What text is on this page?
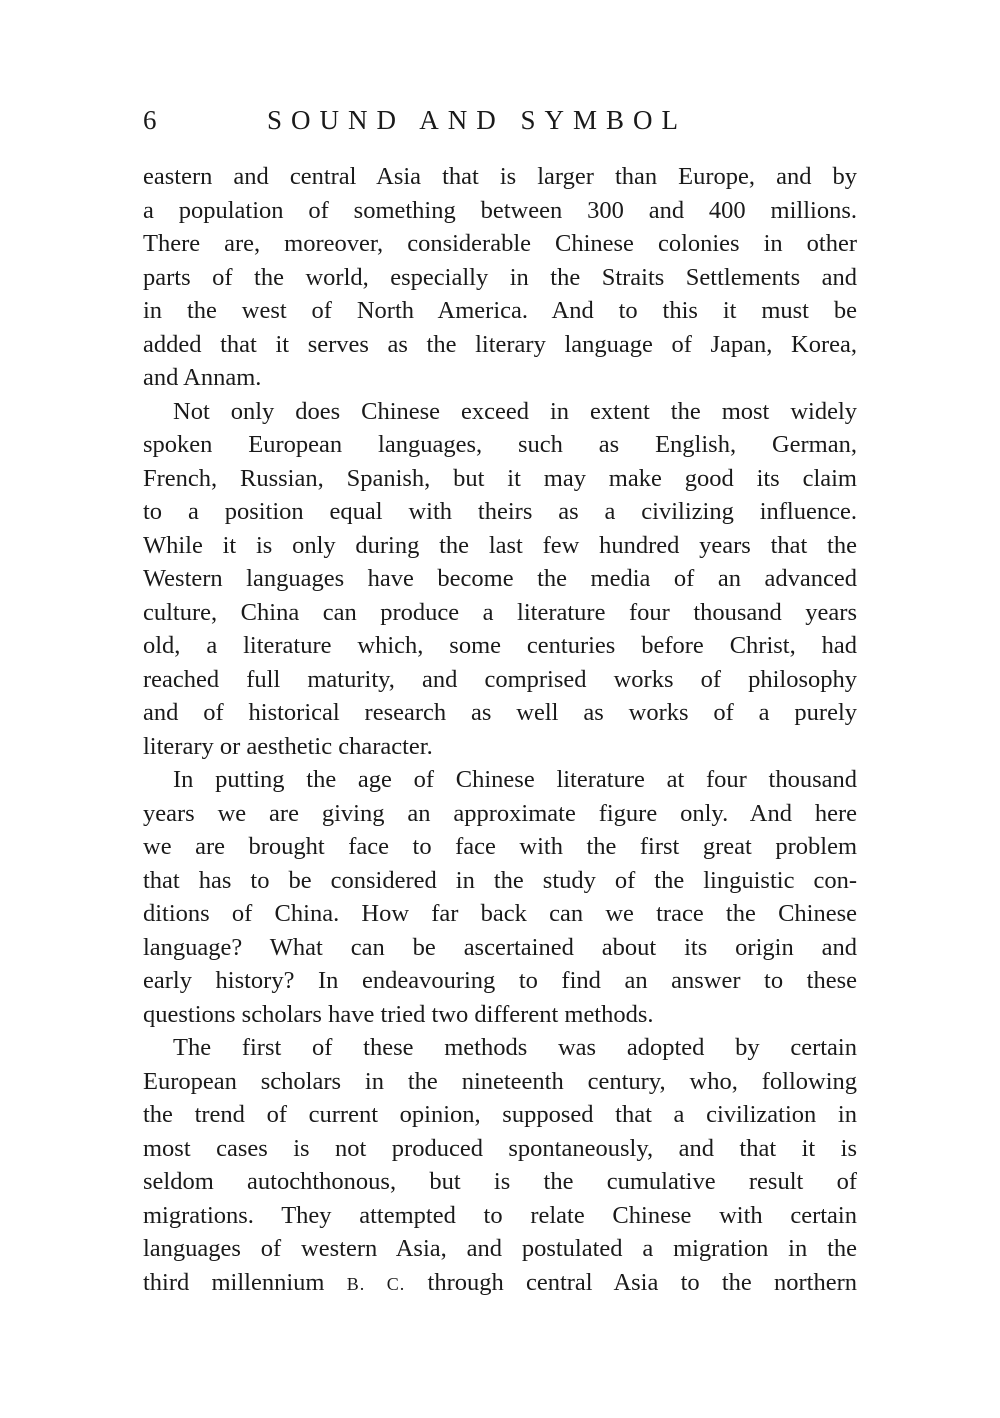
6	SOUND AND SYMBOL
eastern and central Asia that is larger than Europe, and by
a population of something between 300 and 400 millions.
There are, moreover, considerable Chinese colonies in other
parts of the world, especially in the Straits Settlements and
in the west of North America. And to this it must be
added that it serves as the literary language of Japan, Korea,
and Annam.
Not only does Chinese exceed in extent the most widely
spoken European languages, such as English, German,
French, Russian, Spanish, but it may make good its claim
to a position equal with theirs as a civilizing influence.
While it is only during the last few hundred years that the
Western languages have become the media of an advanced
culture, China can produce a literature four thousand years
old, a literature which, some centuries before Christ, had
reached full maturity, and comprised works of philosophy
and of historical research as well as works of a purely
literary or aesthetic character.
In putting the age of Chinese literature at four thousand
years we are giving an approximate figure only. And here
we are brought face to face with the first great problem
that has to be considered in the study of the linguistic con-
ditions of China. How far back can we trace the Chinese
language? What can be ascertained about its origin and
early history? In endeavouring to find an answer to these
questions scholars have tried two different methods.
The first of these methods was adopted by certain
European scholars in the nineteenth century, who, following
the trend of current opinion, supposed that a civilization in
most cases is not produced spontaneously, and that it is
seldom autochthonous, but is the cumulative result of
migrations. They attempted to relate Chinese with certain
languages of western Asia, and postulated a migration in the
third millennium B. C. through central Asia to the northern
